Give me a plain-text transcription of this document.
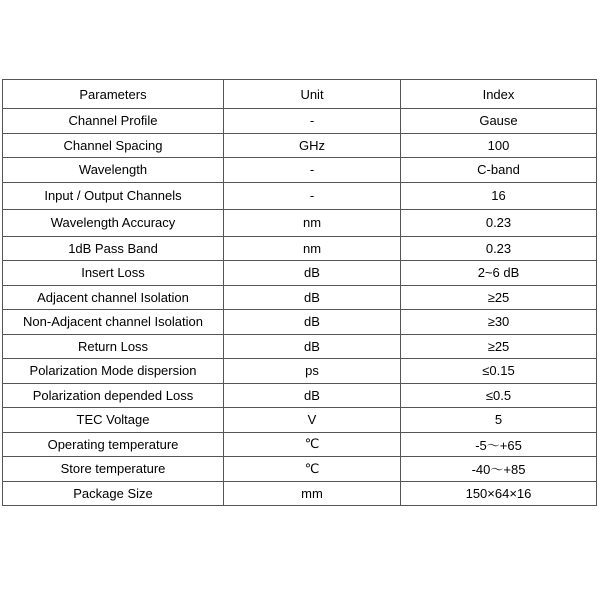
Parameters	Unit	Index
Channel Profile	-	Gause
Channel Spacing	GHz	100
Wavelength	-	C-band
Input / Output Channels	-	16
Wavelength Accuracy	nm	0.23
1dB Pass Band	nm	0.23
Insert Loss	dB	2~6 dB
Adjacent channel Isolation	dB	≥25
Non-Adjacent channel Isolation	dB	≥30
Return Loss	dB	≥25
Polarization Mode dispersion	ps	≤0.15
Polarization depended Loss	dB	≤0.5
TEC Voltage	V	5
Operating temperature	℃	-5～+65
Store temperature	℃	-40～+85
Package Size	mm	150×64×16
